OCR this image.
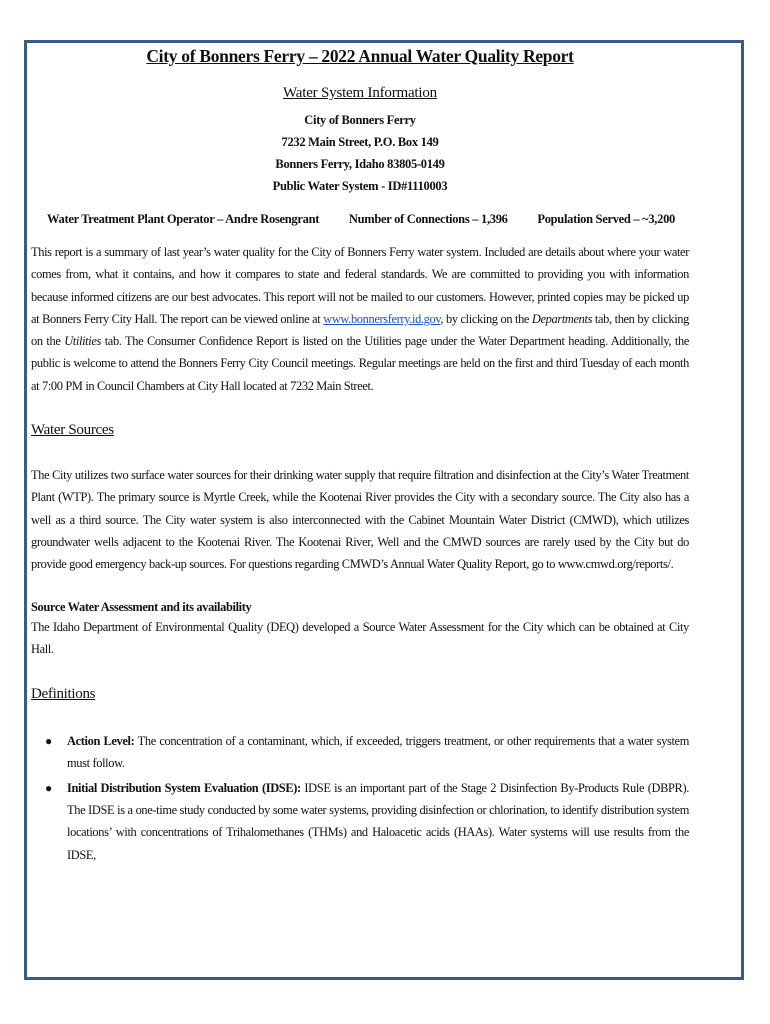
City of Bonners Ferry – 2022 Annual Water Quality Report
Water System Information
City of Bonners Ferry
7232 Main Street, P.O. Box 149
Bonners Ferry, Idaho 83805-0149
Public Water System - ID#1110003
Water Treatment Plant Operator – Andre Rosengrant Number of Connections – 1,396 Population Served – ~3,200

This report is a summary of last year’s water quality for the City of Bonners Ferry water system. Included are details about where your water comes from, what it contains, and how it compares to state and federal standards. We are committed to providing you with information because informed citizens are our best advocates. This report will not be mailed to our customers. However, printed copies may be picked up at Bonners Ferry City Hall. The report can be viewed online at www.bonnersferry.id.gov, by clicking on the Departments tab, then by clicking on the Utilities tab. The Consumer Confidence Report is listed on the Utilities page under the Water Department heading. Additionally, the public is welcome to attend the Bonners Ferry City Council meetings. Regular meetings are held on the first and third Tuesday of each month at 7:00 PM in Council Chambers at City Hall located at 7232 Main Street.

Water Sources

The City utilizes two surface water sources for their drinking water supply that require filtration and disinfection at the City’s Water Treatment Plant (WTP). The primary source is Myrtle Creek, while the Kootenai River provides the City with a secondary source. The City also has a well as a third source. The City water system is also interconnected with the Cabinet Mountain Water District (CMWD), which utilizes groundwater wells adjacent to the Kootenai River. The Kootenai River, Well and the CMWD sources are rarely used by the City but do provide good emergency back-up sources. For questions regarding CMWD’s Annual Water Quality Report, go to www.cmwd.org/reports/.

Source Water Assessment and its availability

The Idaho Department of Environmental Quality (DEQ) developed a Source Water Assessment for the City which can be obtained at City Hall.

Definitions
● Action Level: The concentration of a contaminant, which, if exceeded, triggers treatment, or other requirements that a water system must follow.
● Initial Distribution System Evaluation (IDSE): IDSE is an important part of the Stage 2 Disinfection By-Products Rule (DBPR). The IDSE is a one-time study conducted by some water systems, providing disinfection or chlorination, to identify distribution system locations’ with concentrations of Trihalomethanes (THMs) and Haloacetic acids (HAAs). Water systems will use results from the IDSE,
